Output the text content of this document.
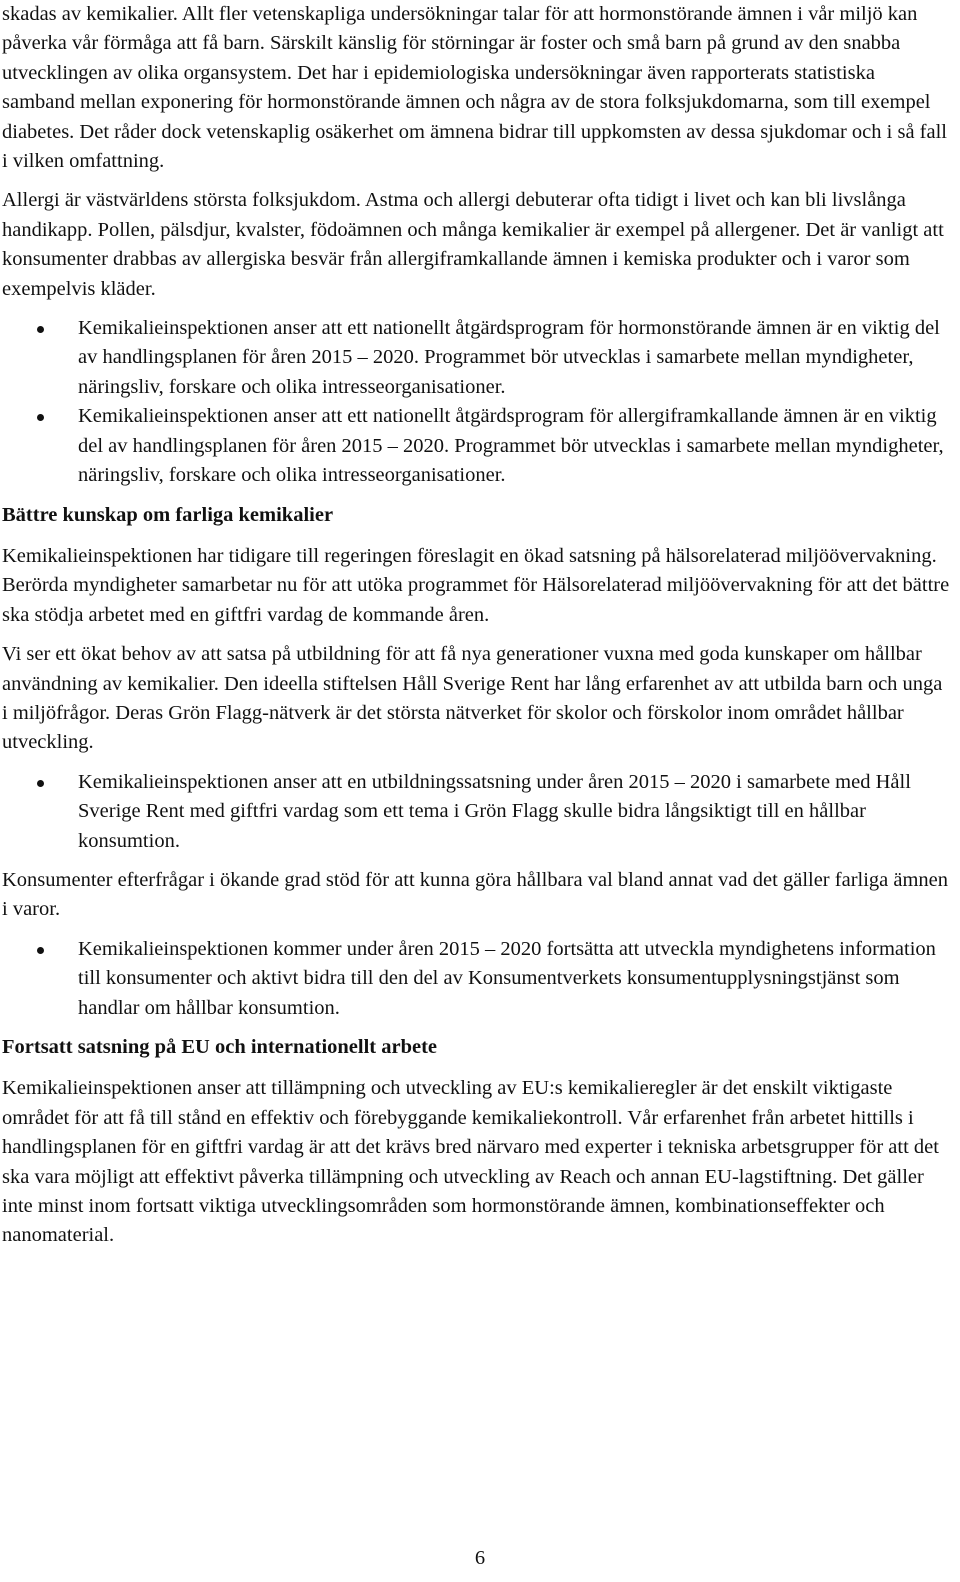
skadas av kemikalier. Allt fler vetenskapliga undersökningar talar för att hormonstörande ämnen i vår miljö kan påverka vår förmåga att få barn. Särskilt känslig för störningar är foster och små barn på grund av den snabba utvecklingen av olika organsystem. Det har i epidemiologiska undersökningar även rapporterats statistiska samband mellan exponering för hormonstörande ämnen och några av de stora folksjukdomarna, som till exempel diabetes. Det råder dock vetenskaplig osäkerhet om ämnena bidrar till uppkomsten av dessa sjukdomar och i så fall i vilken omfattning.

Allergi är västvärldens största folksjukdom. Astma och allergi debuterar ofta tidigt i livet och kan bli livslånga handikapp. Pollen, pälsdjur, kvalster, födoämnen och många kemikalier är exempel på allergener. Det är vanligt att konsumenter drabbas av allergiska besvär från allergiframkallande ämnen i kemiska produkter och i varor som exempelvis kläder.

Kemikalieinspektionen anser att ett nationellt åtgärdsprogram för hormonstörande ämnen är en viktig del av handlingsplanen för åren 2015 – 2020. Programmet bör utvecklas i samarbete mellan myndigheter, näringsliv, forskare och olika intresseorganisationer.
Kemikalieinspektionen anser att ett nationellt åtgärdsprogram för allergiframkallande ämnen är en viktig del av handlingsplanen för åren 2015 – 2020. Programmet bör utvecklas i samarbete mellan myndigheter, näringsliv, forskare och olika intresseorganisationer.
Bättre kunskap om farliga kemikalier

Kemikalieinspektionen har tidigare till regeringen föreslagit en ökad satsning på hälsorelaterad miljöövervakning. Berörda myndigheter samarbetar nu för att utöka programmet för Hälsorelaterad miljöövervakning för att det bättre ska stödja arbetet med en giftfri vardag de kommande åren.

Vi ser ett ökat behov av att satsa på utbildning för att få nya generationer vuxna med goda kunskaper om hållbar användning av kemikalier. Den ideella stiftelsen Håll Sverige Rent har lång erfarenhet av att utbilda barn och unga i miljöfrågor. Deras Grön Flagg-nätverk är det största nätverket för skolor och förskolor inom området hållbar utveckling.

Kemikalieinspektionen anser att en utbildningssatsning under åren 2015 – 2020 i samarbete med Håll Sverige Rent med giftfri vardag som ett tema i Grön Flagg skulle bidra långsiktigt till en hållbar konsumtion.

Konsumenter efterfrågar i ökande grad stöd för att kunna göra hållbara val bland annat vad det gäller farliga ämnen i varor.

Kemikalieinspektionen kommer under åren 2015 – 2020 fortsätta att utveckla myndighetens information till konsumenter och aktivt bidra till den del av Konsumentverkets konsumentupplysningstjänst som handlar om hållbar konsumtion.
Fortsatt satsning på EU och internationellt arbete

Kemikalieinspektionen anser att tillämpning och utveckling av EU:s kemikalieregler är det enskilt viktigaste området för att få till stånd en effektiv och förebyggande kemikaliekontroll. Vår erfarenhet från arbetet hittills i handlingsplanen för en giftfri vardag är att det krävs bred närvaro med experter i tekniska arbetsgrupper för att det ska vara möjligt att effektivt påverka tillämpning och utveckling av Reach och annan EU-lagstiftning. Det gäller inte minst inom fortsatt viktiga utvecklingsområden som hormonstörande ämnen, kombinationseffekter och nanomaterial.

6
